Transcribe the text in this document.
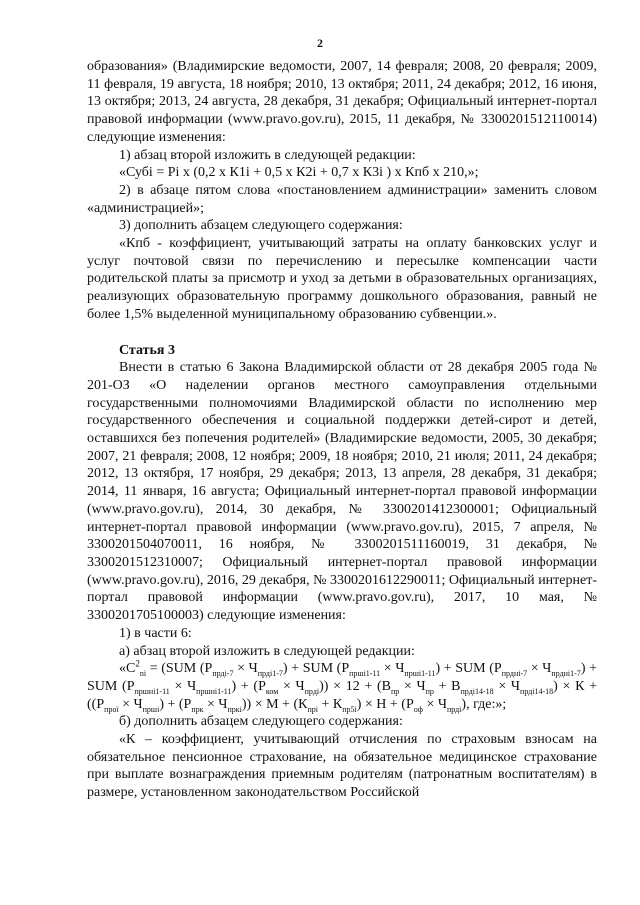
2

образования» (Владимирские ведомости, 2007, 14 февраля; 2008, 20 февраля; 2009, 11 февраля, 19 августа, 18 ноября; 2010, 13 октября; 2011, 24 декабря; 2012, 16 июня, 13 октября; 2013, 24 августа, 28 декабря, 31 декабря; Официальный интернет-портал правовой информации (www.pravo.gov.ru), 2015, 11 декабря, № 3300201512110014) следующие изменения:

1) абзац второй изложить в следующей редакции:

«Субі = Рі х (0,2 х К1і + 0,5 х К2і + 0,7 х К3і ) х Кпб х 210,»;

2) в абзаце пятом слова «постановлением администрации» заменить словом «администрацией»;

3) дополнить абзацем следующего содержания:

«Кпб - коэффициент, учитывающий затраты на оплату банковских услуг и услуг почтовой связи по перечислению и пересылке компенсации части родительской платы за присмотр и уход за детьми в образовательных организациях, реализующих образовательную программу дошкольного образования, равный не более 1,5% выделенной муниципальному образованию субвенции.».

Статья 3

Внести в статью 6 Закона Владимирской области от 28 декабря 2005 года № 201-ОЗ «О наделении органов местного самоуправления отдельными государственными полномочиями Владимирской области по исполнению мер государственного обеспечения и социальной поддержки детей-сирот и детей, оставшихся без попечения родителей» (Владимирские ведомости, 2005, 30 декабря; 2007, 21 февраля; 2008, 12 ноября; 2009, 18 ноября; 2010, 21 июля; 2011, 24 декабря; 2012, 13 октября, 17 ноября, 29 декабря; 2013, 13 апреля, 28 декабря, 31 декабря; 2014, 11 января, 16 августа; Официальный интернет-портал правовой информации (www.pravo.gov.ru), 2014, 30 декабря, № 3300201412300001; Официальный интернет-портал правовой информации (www.pravo.gov.ru), 2015, 7 апреля, № 3300201504070011, 16 ноября, № 3300201511160019, 31 декабря, № 3300201512310007; Официальный интернет-портал правовой информации (www.pravo.gov.ru), 2016, 29 декабря, № 3300201612290011; Официальный интернет-портал правовой информации (www.pravo.gov.ru), 2017, 10 мая, № 3300201705100003) следующие изменения:

1) в части 6:

а) абзац второй изложить в следующей редакции:

«$C^2_{ni} = (SUM$ $(Р_{прді-7} \times Ч_{прді1-7})$ + SUM $(Р_{прші1-11} \times Ч_{прші1-11})$ + SUM $(Р_{прдні-7} \times Ч_{прдні1-7})$ + SUM $(Р_{пршні1-11} \times Ч_{пршні1-11}) + (Р_{ком} \times Ч_{прді})) \times 12 + (В_{пр} \times Ч_{пр} + В_{прді14-18} \times Ч_{прді14-18}) \times К + ((Р_{прої} \times Ч_{прші}) + (Р_{прк} \times Ч_{пркі})) \times М + (К_{прі} + К_{пр5і}) \times Н + (Р_{оф} \times Ч_{прді})$, где:»;

б) дополнить абзацем следующего содержания:

«К – коэффициент, учитывающий отчисления по страховым взносам на обязательное пенсионное страхование, на обязательное медицинское страхование при выплате вознаграждения приемным родителям (патронатным воспитателям) в размере, установленном законодательством Российской
